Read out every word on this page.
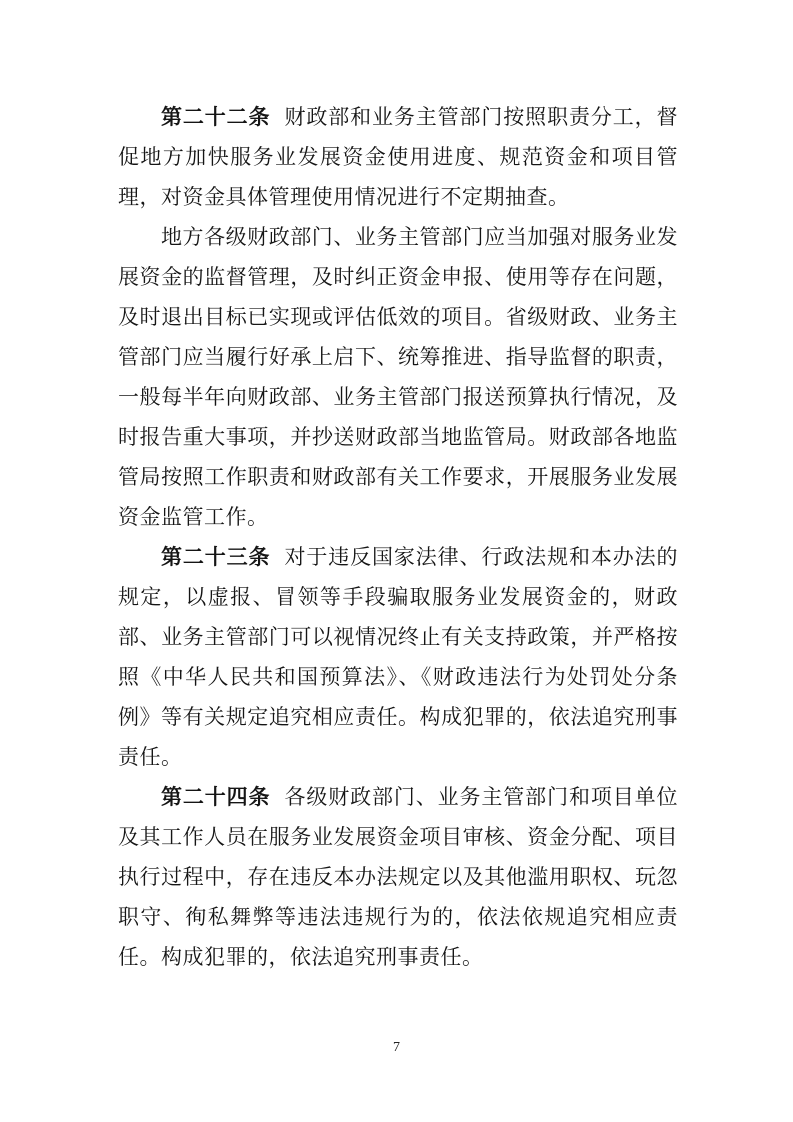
第二十二条 财政部和业务主管部门按照职责分工，督促地方加快服务业发展资金使用进度、规范资金和项目管理，对资金具体管理使用情况进行不定期抽查。

地方各级财政部门、业务主管部门应当加强对服务业发展资金的监督管理，及时纠正资金申报、使用等存在问题，及时退出目标已实现或评估低效的项目。省级财政、业务主管部门应当履行好承上启下、统筹推进、指导监督的职责，一般每半年向财政部、业务主管部门报送预算执行情况，及时报告重大事项，并抄送财政部当地监管局。财政部各地监管局按照工作职责和财政部有关工作要求，开展服务业发展资金监管工作。

第二十三条 对于违反国家法律、行政法规和本办法的规定，以虚报、冒领等手段骗取服务业发展资金的，财政部、业务主管部门可以视情况终止有关支持政策，并严格按照《中华人民共和国预算法》、《财政违法行为处罚处分条例》等有关规定追究相应责任。构成犯罪的，依法追究刑事责任。

第二十四条 各级财政部门、业务主管部门和项目单位及其工作人员在服务业发展资金项目审核、资金分配、项目执行过程中，存在违反本办法规定以及其他滥用职权、玩忽职守、徇私舞弊等违法违规行为的，依法依规追究相应责任。构成犯罪的，依法追究刑事责任。

7
